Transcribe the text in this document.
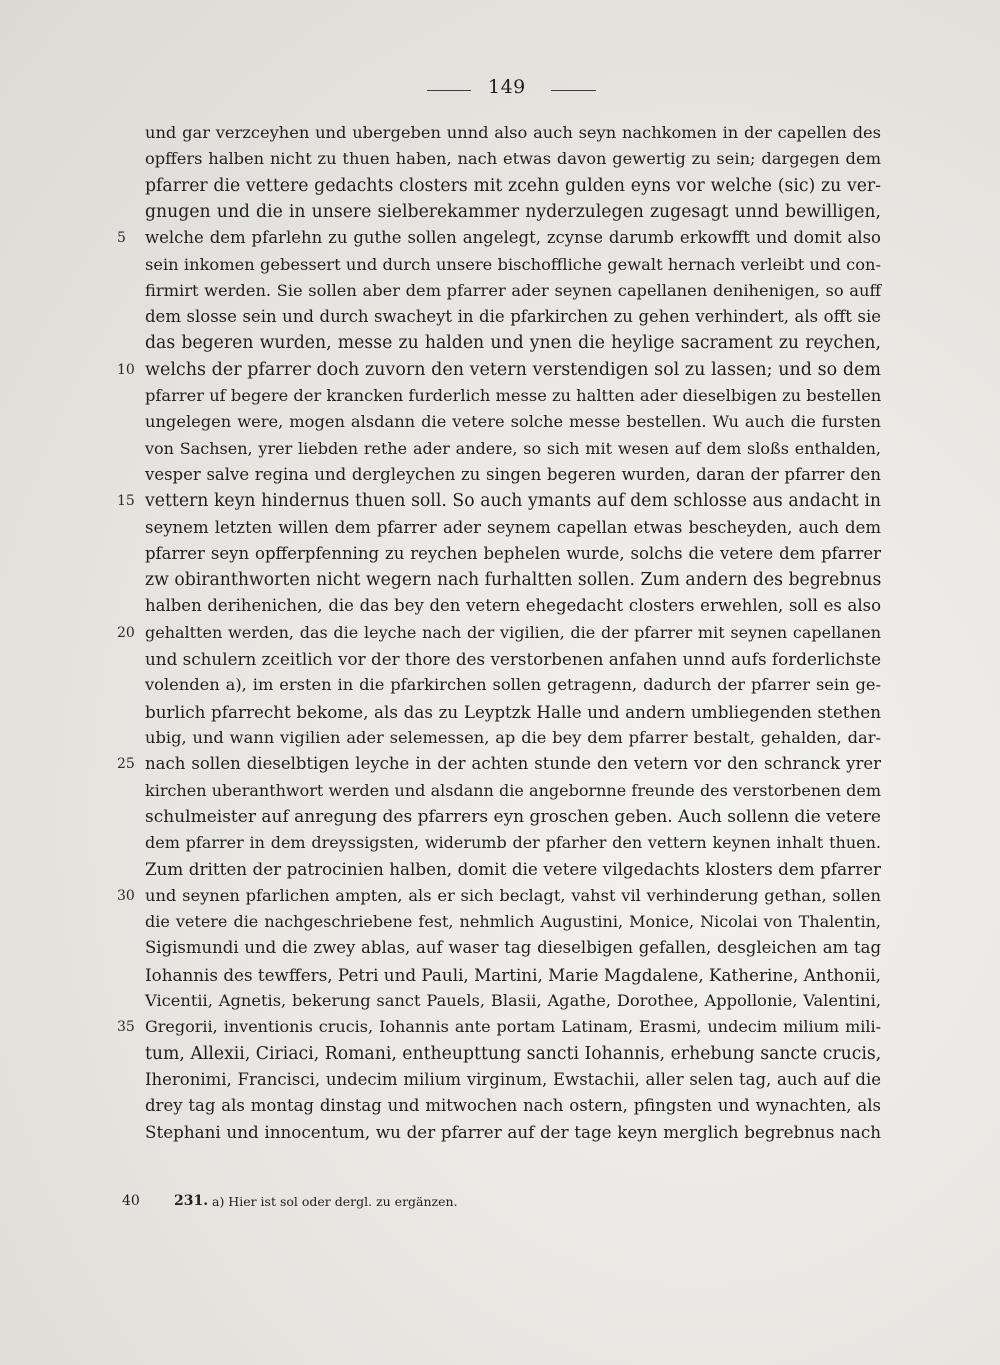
149
und gar verzceyhen und ubergeben unnd also auch seyn nachkomen in der capellen des
opffers halben nicht zu thuen haben, nach etwas davon gewertig zu sein; dargegen dem
pfarrer die vettere gedachts closters mit zcehn gulden eyns vor welche (sic) zu ver-
gnugen und die in unsere sielberekammer nyderzulegen zugesagt unnd bewilligen,
5	welche dem pfarlehn zu guthe sollen angelegt, zcynse darumb erkowfft und domit also
sein inkomen gebessert und durch unsere bischoffliche gewalt hernach verleibt und con-
firmirt werden. Sie sollen aber dem pfarrer ader seynen capellanen denihenigen, so auff
dem slosse sein und durch swacheyt in die pfarkirchen zu gehen verhindert, als offt sie
das begeren wurden, messe zu halden und ynen die heylige sacrament zu reychen,
10 welchs der pfarrer doch zuvorn den vetern verstendigen sol zu lassen; und so dem
pfarrer uf begere der krancken furderlich messe zu haltten ader dieselbigen zu bestellen
ungelegen were, mogen alsdann die vetere solche messe bestellen. Wu auch die fursten
von Sachsen, yrer liebden rethe ader andere, so sich mit wesen auf dem sloßs enthalden,
vesper salve regina und dergleychen zu singen begeren wurden, daran der pfarrer den
15 vettern keyn hindernus thuen soll. So auch ymants auf dem schlosse aus andacht in
seynem letzten willen dem pfarrer ader seynem capellan etwas bescheyden, auch dem
pfarrer seyn opfferpfenning zu reychen bephelen wurde, solchs die vetere dem pfarrer
zw obiranthworten nicht wegern nach furhaltten sollen. Zum andern des begrebnus
halben derihenichen, die das bey den vetern ehegedacht closters erwehlen, soll es also
20 gehaltten werden, das die leyche nach der vigilien, die der pfarrer mit seynen capellanen
und schulern zceitlich vor der thore des verstorbenen anfahen unnd aufs forderlichste
volenden a), im ersten in die pfarkirchen sollen getragenn, dadurch der pfarrer sein ge-
burlich pfarrecht bekome, als das zu Leyptzk Halle und andern umbliegenden stethen
ubig, und wann vigilien ader selemessen, ap die bey dem pfarrer bestalt, gehalden, dar-
25 nach sollen dieselbtigen leyche in der achten stunde den vetern vor den schranck yrer
kirchen uberanthwort werden und alsdann die angebornne freunde des verstorbenen dem
schulmeister auf anregung des pfarrers eyn groschen geben. Auch sollenn die vetere
dem pfarrer in dem dreyssigsten, widerumb der pfarher den vettern keynen inhalt thuen.
Zum dritten der patrocinien halben, domit die vetere vilgedachts klosters dem pfarrer
30 und seynen pfarlichen ampten, als er sich beclagt, vahst vil verhinderung gethan, sollen
die vetere die nachgeschriebene fest, nehmlich Augustini, Monice, Nicolai von Thalentin,
Sigismundi und die zwey ablas, auf waser tag dieselbigen gefallen, desgleichen am tag
Iohannis des tewffers, Petri und Pauli, Martini, Marie Magdalene, Katherine, Anthonii,
Vicentii, Agnetis, bekerung sanct Pauels, Blasii, Agathe, Dorothee, Appollonie, Valentini,
35 Gregorii, inventionis crucis, Iohannis ante portam Latinam, Erasmi, undecim milium mili-
tum, Allexii, Ciriaci, Romani, entheupttung sancti Iohannis, erhebung sancte crucis,
Iheronimi, Francisci, undecim milium virginum, Ewstachii, aller selen tag, auch auf die
drey tag als montag dinstag und mitwochen nach ostern, pfingsten und wynachten, als
Stephani und innocentum, wu der pfarrer auf der tage keyn merglich begrebnus nach
40 231. a) Hier ist sol oder dergl. zu ergänzen.
